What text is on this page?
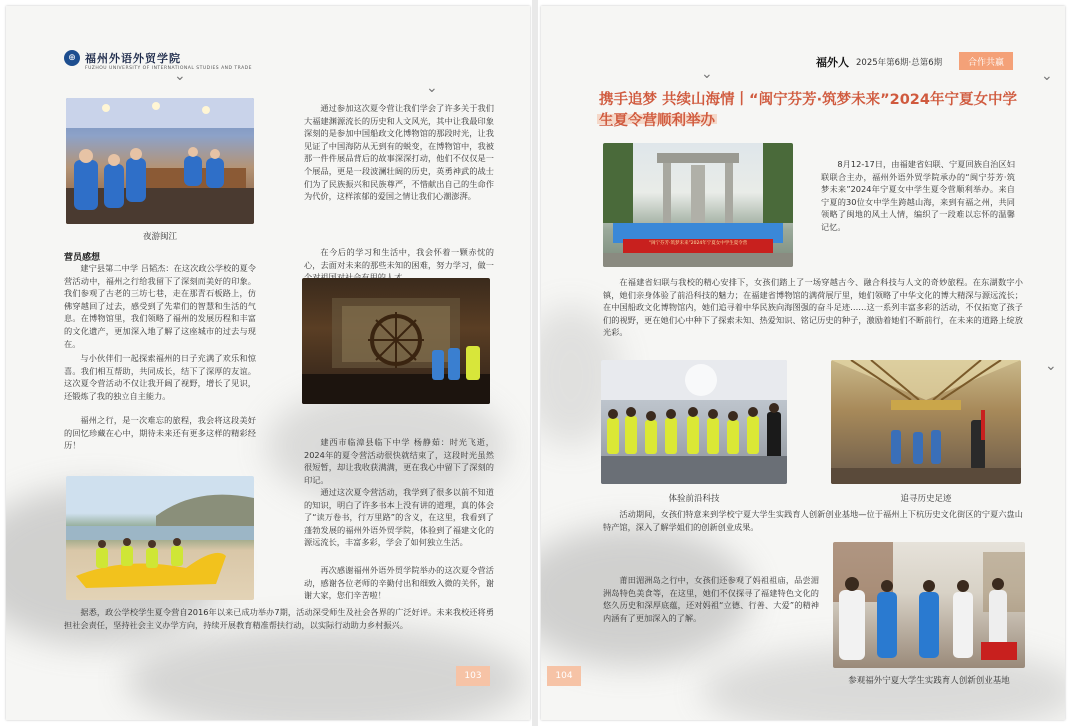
⊕ 福州外语外贸学院
FUZHOU UNIVERSITY OF INTERNATIONAL STUDIES AND TRADE
⌄
⌄
夜游闽江
营员感想
建宁县第二中学 吕韬杰：在这次政公学校的夏令营活动中，福州之行给我留下了深刻而美好的印象。我们参观了古老的三坊七巷，走在那青石板路上，仿佛穿越回了过去，感受到了先辈们的智慧和生活的气息。在博物馆里，我们领略了福州的发展历程和丰富的文化遗产，更加深入地了解了这座城市的过去与现在。
与小伙伴们一起探索福州的日子充满了欢乐和惊喜。我们相互帮助，共同成长，结下了深厚的友谊。这次夏令营活动不仅让我开阔了视野，增长了见识，还锻炼了我的独立自主能力。
福州之行，是一次难忘的旅程，我会将这段美好的回忆珍藏在心中，期待未来还有更多这样的精彩经历！
通过参加这次夏令营让我们学会了许多关于我们大福建渊源流长的历史和人文风光，其中让我最印象深刻的是参加中国船政文化博物馆的那段时光，让我见证了中国海防从无到有的蜕变，在博物馆中，我被那一件件展品背后的故事深深打动，他们不仅仅是一个展品，更是一段波澜壮阔的历史，英勇神武的战士们为了民族振兴和民族尊严，不惜献出自己的生命作为代价，这样浓郁的爱国之情让我们心潮澎湃。
在今后的学习和生活中，我会怀着一颗赤忱的心，去面对未来的那些未知的困难，努力学习，做一
建西市临漳县临下中学 杨静茹：时光飞逝，2024年的夏令营活动很快就结束了，这段时光虽然很短暂，却让我收获满满，更在我心中留下了深刻的印记。
通过这次夏令营活动，我学到了很多以前不知道的知识，明白了许多书本上没有讲的道理，真的体会了“读万卷书，行万里路”的含义，在这里，我看到了蓬勃发展的福州外语外贸学院，体验到了福建文化的源远流长，丰富多彩，学会了如何独立生活。
再次感谢福州外语外贸学院举办的这次夏令营活动，感谢各位老师的辛勤付出和细致入微的关怀，谢谢大家，您们辛苦啦！
据悉，政公学校学生夏令营自2016年以来已成功举办7期，活动深受师生及社会各界的广泛好评。未来我校还将勇担社会责任，坚持社会主义办学方向，持续开展教育精准帮扶行动，以实际行动助力乡村振兴。
103
⌄	⌄
⌄
福外人 2025年第6期·总第6期	合作共赢
携手追梦 共续山海情丨“闽宁芬芳·筑梦未来”2024年宁夏女中学生夏令营顺利举办
“闽宁芬芳·筑梦未来”2024年宁夏女中学生夏令营
8月12-17日，由福建省妇联、宁夏回族自治区妇联联合主办，福州外语外贸学院承办的“闽宁芬芳·筑梦未来”2024年宁夏女中学生夏令营顺利举办。来自宁夏的30位女中学生跨越山海，来到有福之州，共同领略了闽地的风土人情，编织了一段难以忘怀的温馨记忆。
在福建省妇联与我校的精心安排下，女孩们踏上了一场穿越古今、融合科技与人文的奇妙旅程。在东湖数字小镇，她们亲身体验了前沿科技的魅力；在福建省博物馆的满荷展厅里，她们领略了中华文化的博大精深与源远流长；在中国船政文化博物馆内，她们追寻着中华民族向海图强的奋斗足迹……这一系列丰富多彩的活动，不仅拓宽了孩子们的视野，更在她们心中种下了探索未知、热爱知识、铭记历史的种子，激励着她们不断前行，在未来的道路上绽放光彩。
体验前沿科技	追寻历史足迹
活动期间，女孩们特意来到学校宁夏大学生实践育人创新创业基地—位于福州上下杭历史文化街区的宁夏六盘山特产馆，深入了解学姐们的创新创业成果。
莆田湄洲岛之行中，女孩们还参观了妈祖祖庙，品尝湄洲岛特色美食等，在这里，她们不仅探寻了福建特色文化的悠久历史和深厚底蕴，还对妈祖“立德、行善、大爱”的精神内涵有了更加深入的了解。
参观福外宁夏大学生实践育人创新创业基地
104
